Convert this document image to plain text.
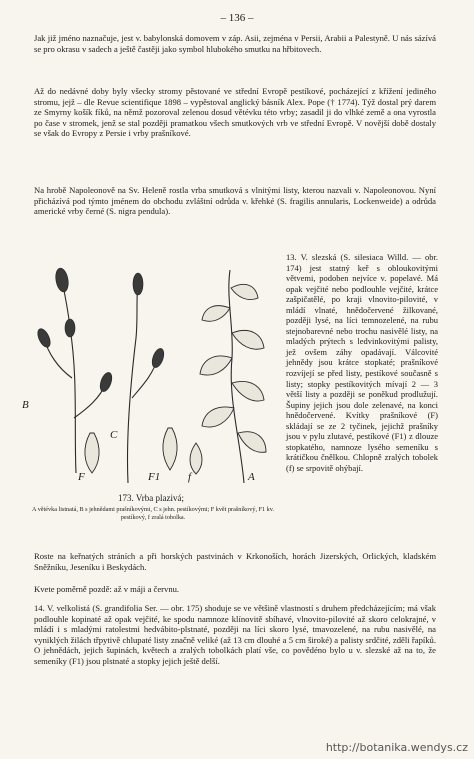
– 136 –

Jak již jméno naznačuje, jest v. babylonská domovem v záp. Asii, zejména v Persii, Arabii a Palestyně. U nás sázívá se pro okrasu v sadech a ještě častěji jako symbol hlubokého smutku na hřbitovech.

Až do nedávné doby byly všecky stromy pěstované ve střední Evropě pestíkové, pocházející z křížení jediného stromu, jejž – dle Revue scientifique 1898 – vypěstoval anglický básník Alex. Pope († 1774). Týž dostal prý darem ze Smyrny košík fíků, na němž pozoroval zelenou dosud větévku této vrby; zasadil ji do vlhké země a ona vyrostla po čase v stromek, jenž se stal později pramatkou všech smutkových vrb ve střední Evropě. V novější době dostaly se však do Evropy z Persie i vrby prašníkové.

Na hrobě Napoleonově na Sv. Heleně rostla vrba smutková s vlnitými listy, kterou nazvali v. Napoleonovou. Nyní přicházívá pod týmto jménem do obchodu zvláštní odrůda v. křehké (S. fragilis annularis, Lockenweide) a odrůda americké vrby černé (S. nigra pendula).

13. V. slezská (S. silesiaca Willd. — obr. 174) jest statný keř s obloukovitými větvemi, podoben nejvíce v. popelavé. Má opak vejčité nebo podlouhle vejčité, krátce zašpičatělé, po kraji vlnovito-pilovité, v mládí vlnaté, hnědočervené žilkované, později lysé, na líci temnozelené, na rubu stejnobarevné nebo trochu nasivělé listy, na mladých prýtech s ledvinkovitými palisty, jež ovšem záhy opadávají. Válcovité jehnědy jsou krátce stopkaté; prašníkové rozvíjejí se před listy, pestíkové současně s listy; stopky pestíkovitých mívají 2 — 3 větší listy a později se poněkud prodlužují. Šupiny jejich jsou dole zelenavé, na konci hnědočervené. Kvítky prašníkové (F) skládají se ze 2 tyčinek, jejichž prašníky jsou v pylu zlutavé, pestíkové (F1) z dlouze stopkatého, namnoze lysého semeníku s krátičkou čnělkou. Chlopně zralých tobolek (f) se srpovitě ohýbají.

B
C
F	F1	f	A
173. Vrba plazivá;
A větévka listnatá, B s jehnědami prašníkovými, C s jehn. pestíkovými; F květ prašníkový, F1 kv. pestíkový, f zralá tobolka.

Roste na keřnatých stráních a při horských pastvinách v Krkonoších, horách Jizerských, Orlických, kladském Sněžníku, Jeseníku i Beskydách.

Kvete poměrně pozdě: až v máji a červnu.

14. V. velkolistá (S. grandifolia Ser. — obr. 175) shoduje se ve většině vlastností s druhem předcházejícím; má však podlouhle kopinaté až opak vejčité, ke spodu namnoze klínovitě sbíhavé, vlnovito-pilovité až skoro celokrajné, v mládí i s mladými ratolestmi hedvábito-plstnaté, později na líci skoro lysé, tmavozelené, na rubu nasivělé, na vyniklých žilách třpytivě chlupaté listy značně veliké (až 13 cm dlouhé a 5 cm široké) a palisty srdčité, zděli řapíků. O jehnědách, jejich šupinách, květech a zralých tobolkách platí vše, co povědéno bylo u v. slezské až na to, že semeníky (F1) jsou plstnaté a stopky jejich ještě delší.

http://botanika.wendys.cz
